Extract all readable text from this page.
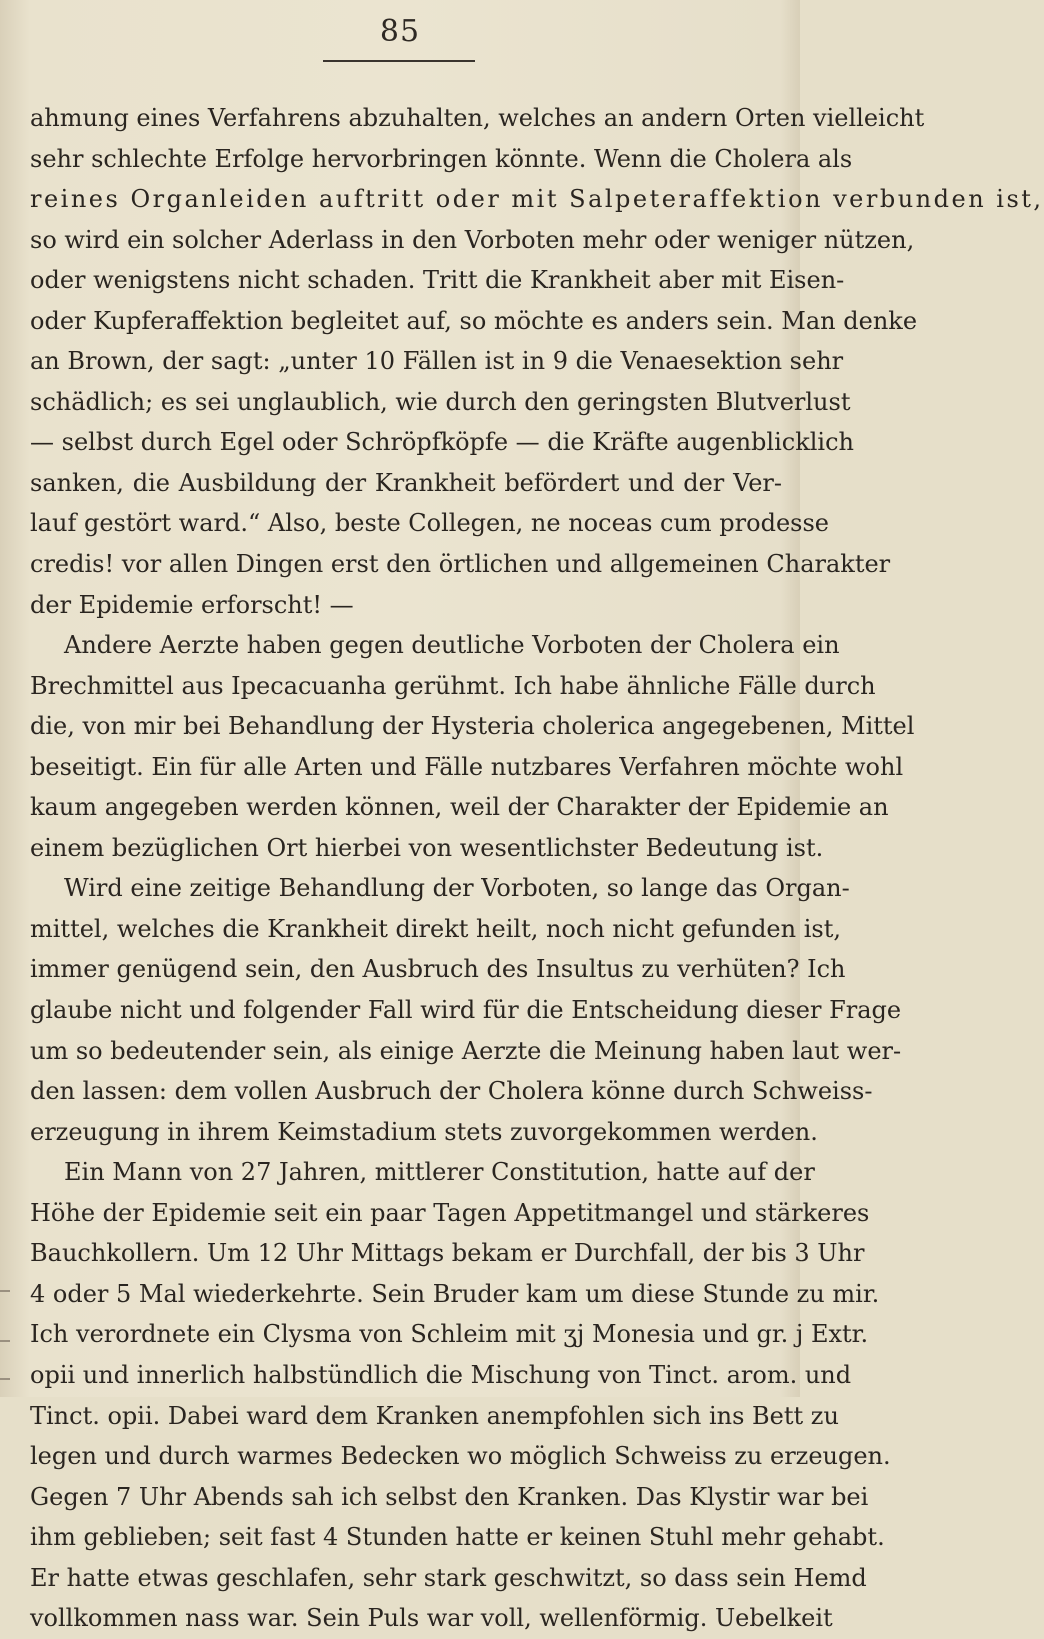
85
ahmung eines Verfahrens abzuhalten, welches an andern Orten vielleicht
sehr schlechte Erfolge hervorbringen könnte. Wenn die Cholera als
reines Organleiden auftritt oder mit Salpeteraffektion verbunden ist,
so wird ein solcher Aderlass in den Vorboten mehr oder weniger nützen,
oder wenigstens nicht schaden. Tritt die Krankheit aber mit Eisen-
oder Kupferaffektion begleitet auf, so möchte es anders sein. Man denke
an Brown, der sagt: „unter 10 Fällen ist in 9 die Venaesektion sehr
schädlich; es sei unglaublich, wie durch den geringsten Blutverlust
— selbst durch Egel oder Schröpfköpfe — die Kräfte augenblicklich
sanken, die Ausbildung der Krankheit befördert und der Ver-
lauf gestört ward.“ Also, beste Collegen, ne noceas cum prodesse
credis! vor allen Dingen erst den örtlichen und allgemeinen Charakter
der Epidemie erforscht! —
Andere Aerzte haben gegen deutliche Vorboten der Cholera ein
Brechmittel aus Ipecacuanha gerühmt. Ich habe ähnliche Fälle durch
die, von mir bei Behandlung der Hysteria cholerica angegebenen, Mittel
beseitigt. Ein für alle Arten und Fälle nutzbares Verfahren möchte wohl
kaum angegeben werden können, weil der Charakter der Epidemie an
einem bezüglichen Ort hierbei von wesentlichster Bedeutung ist.
Wird eine zeitige Behandlung der Vorboten, so lange das Organ-
mittel, welches die Krankheit direkt heilt, noch nicht gefunden ist,
immer genügend sein, den Ausbruch des Insultus zu verhüten? Ich
glaube nicht und folgender Fall wird für die Entscheidung dieser Frage
um so bedeutender sein, als einige Aerzte die Meinung haben laut wer-
den lassen: dem vollen Ausbruch der Cholera könne durch Schweiss-
erzeugung in ihrem Keimstadium stets zuvorgekommen werden.
Ein Mann von 27 Jahren, mittlerer Constitution, hatte auf der
Höhe der Epidemie seit ein paar Tagen Appetitmangel und stärkeres
Bauchkollern. Um 12 Uhr Mittags bekam er Durchfall, der bis 3 Uhr
4 oder 5 Mal wiederkehrte. Sein Bruder kam um diese Stunde zu mir.
Ich verordnete ein Clysma von Schleim mit ʒj Monesia und gr. j Extr.
opii und innerlich halbstündlich die Mischung von Tinct. arom. und
Tinct. opii. Dabei ward dem Kranken anempfohlen sich ins Bett zu
legen und durch warmes Bedecken wo möglich Schweiss zu erzeugen.
Gegen 7 Uhr Abends sah ich selbst den Kranken. Das Klystir war bei
ihm geblieben; seit fast 4 Stunden hatte er keinen Stuhl mehr gehabt.
Er hatte etwas geschlafen, sehr stark geschwitzt, so dass sein Hemd
vollkommen nass war. Sein Puls war voll, wellenförmig. Uebelkeit
